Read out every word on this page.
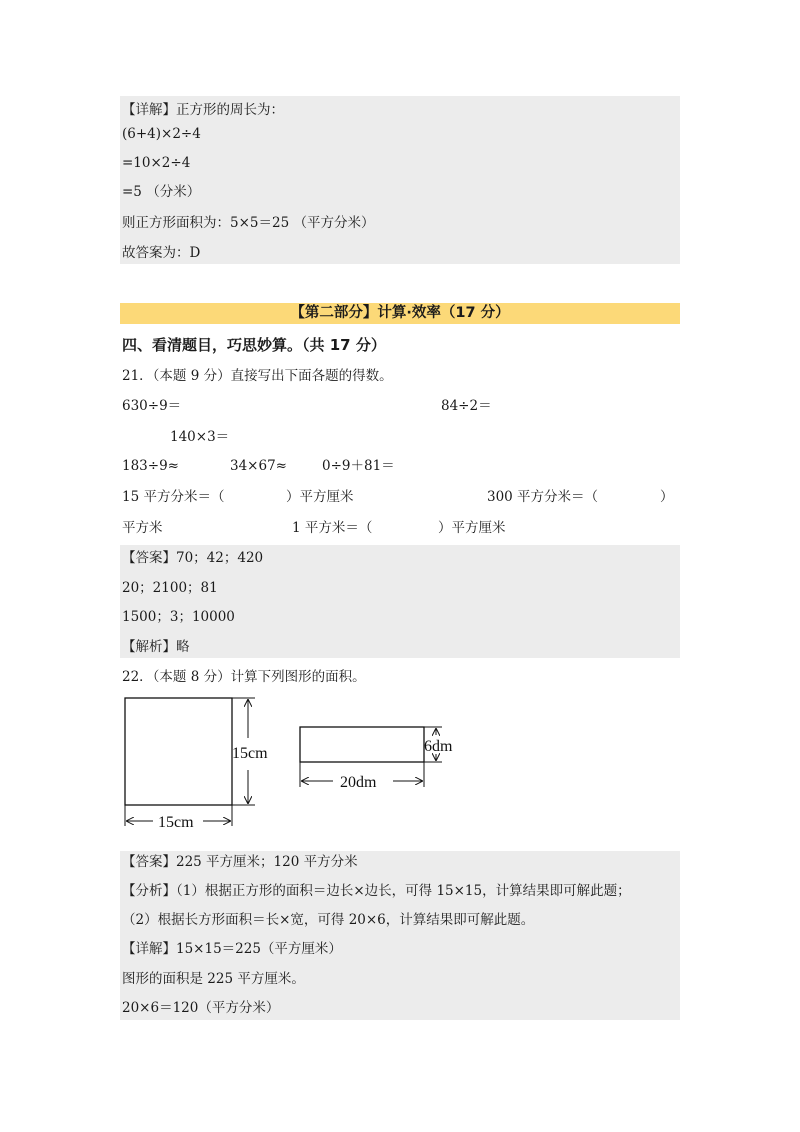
【详解】正方形的周长为：
(6+4)×2÷4
=10×2÷4
=5 （分米）
则正方形面积为：5×5＝25 （平方分米）
故答案为：D
【第二部分】计算·效率（17 分）
四、看清题目，巧思妙算。（共 17 分）
21．（本题 9 分）直接写出下面各题的得数。
630÷9＝	84÷2＝
140×3＝
183÷9≈	34×67≈	0÷9＋81＝
15 平方分米＝（	）平方厘米	300 平方分米＝（	）
平方米	1 平方米＝（	）平方厘米
【答案】70；42；420
20；2100；81
1500；3；10000
【解析】略
22．（本题 8 分）计算下列图形的面积。
15cm
15cm
6dm
20dm
【答案】225 平方厘米；120 平方分米
【分析】（1）根据正方形的面积＝边长×边长，可得 15×15，计算结果即可解此题；
（2）根据长方形面积＝长×宽，可得 20×6，计算结果即可解此题。
【详解】15×15＝225（平方厘米）
图形的面积是 225 平方厘米。
20×6＝120（平方分米）
